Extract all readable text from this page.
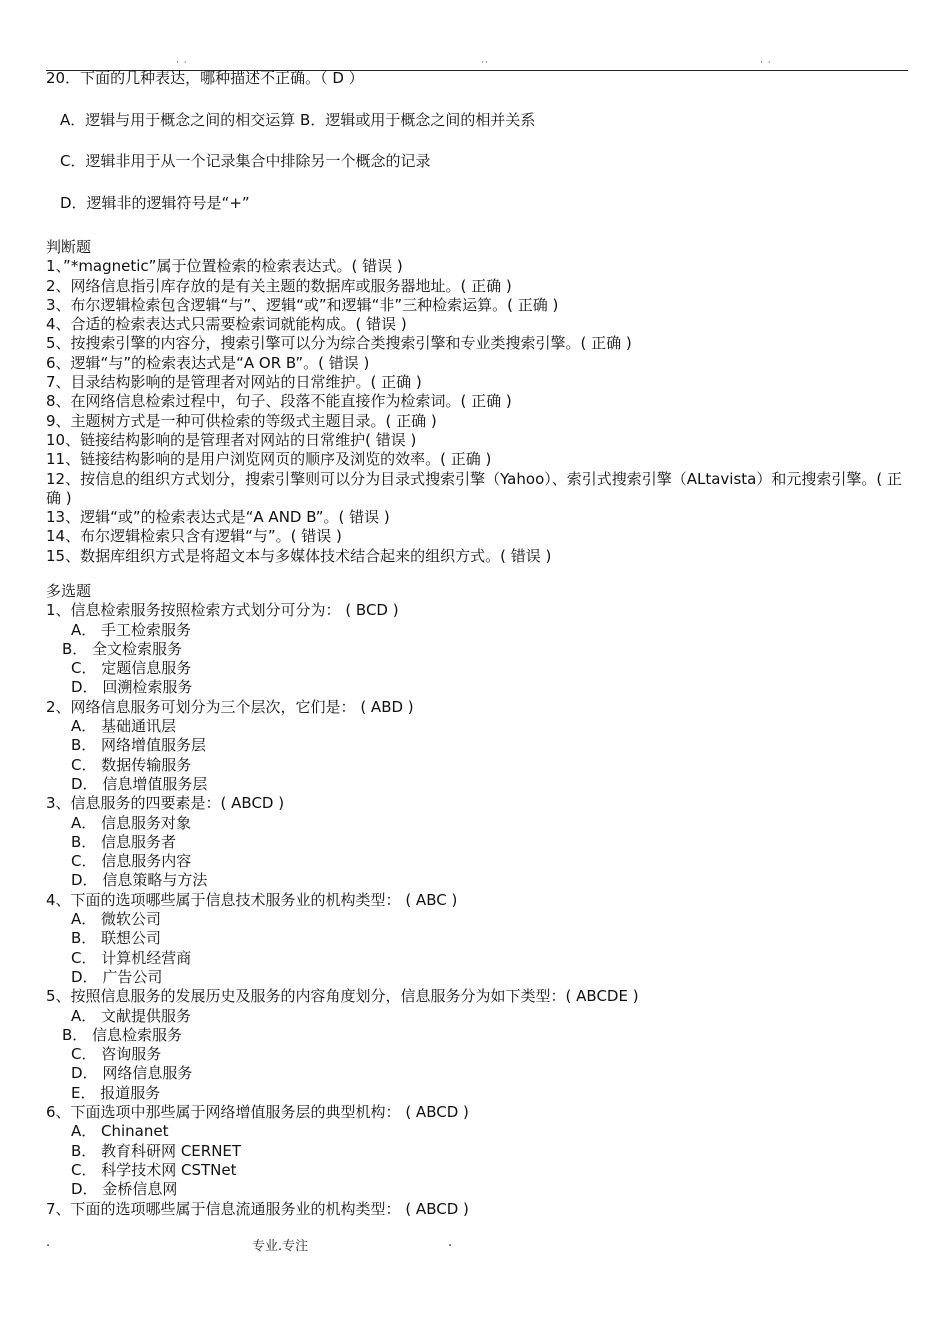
· ·	··	· ·
20．下面的几种表达，哪种描述不正确。（ D ）
A．逻辑与用于概念之间的相交运算 B．逻辑或用于概念之间的相并关系
C．逻辑非用于从一个记录集合中排除另一个概念的记录
D．逻辑非的逻辑符号是“+”
判断题
1、”*magnetic”属于位置检索的检索表达式。( 错误 )
2、网络信息指引库存放的是有关主题的数据库或服务器地址。( 正确 )
3、布尔逻辑检索包含逻辑“与”、逻辑“或”和逻辑“非”三种检索运算。( 正确 )
4、合适的检索表达式只需要检索词就能构成。( 错误 )
5、按搜索引擎的内容分，搜索引擎可以分为综合类搜索引擎和专业类搜索引擎。( 正确 )
6、逻辑“与”的检索表达式是“A OR B”。( 错误 )
7、目录结构影响的是管理者对网站的日常维护。( 正确 )
8、在网络信息检索过程中，句子、段落不能直接作为检索词。( 正确 )
9、主题树方式是一种可供检索的等级式主题目录。( 正确 )
10、链接结构影响的是管理者对网站的日常维护( 错误 )
11、链接结构影响的是用户浏览网页的顺序及浏览的效率。( 正确 )
12、按信息的组织方式划分，搜索引擎则可以分为目录式搜索引擎（Yahoo）、索引式搜索引擎（ALtavista）和元搜索引擎。( 正确 )
13、逻辑“或”的检索表达式是“A AND B”。( 错误 )
14、布尔逻辑检索只含有逻辑“与”。( 错误 )
15、数据库组织方式是将超文本与多媒体技术结合起来的组织方式。( 错误 )
多选题
1、信息检索服务按照检索方式划分可分为： ( BCD )
A． 手工检索服务
B． 全文检索服务
C． 定题信息服务
D． 回溯检索服务
2、网络信息服务可划分为三个层次，它们是： ( ABD )
A． 基础通讯层
B． 网络增值服务层
C． 数据传输服务
D． 信息增值服务层
3、信息服务的四要素是：( ABCD )
A． 信息服务对象
B． 信息服务者
C． 信息服务内容
D． 信息策略与方法
4、下面的选项哪些属于信息技术服务业的机构类型： ( ABC )
A． 微软公司
B． 联想公司
C． 计算机经营商
D． 广告公司
5、按照信息服务的发展历史及服务的内容角度划分，信息服务分为如下类型：( ABCDE )
A． 文献提供服务
B． 信息检索服务
C． 咨询服务
D． 网络信息服务
E． 报道服务
6、下面选项中那些属于网络增值服务层的典型机构： ( ABCD )
A． Chinanet
B． 教育科研网 CERNET
C． 科学技术网 CSTNet
D． 金桥信息网
7、下面的选项哪些属于信息流通服务业的机构类型： ( ABCD )
.	专业.专注	.
